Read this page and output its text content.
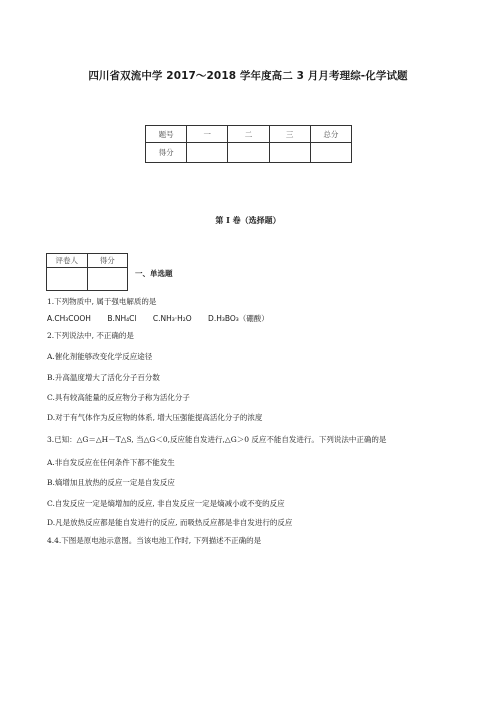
四川省双流中学 2017～2018 学年度高二 3 月月考理综-化学试题
题号	一	二	三	总分
得分				
第 I 卷（选择题）
评卷人	得分

一、单选题
1.下列物质中, 属于强电解质的是
A.CH₃COOH B.NH₄Cl C.NH₃·H₂O D.H₃BO₃（硼酸）
2.下列说法中, 不正确的是
A.催化剂能够改变化学反应途径
B.升高温度增大了活化分子百分数
C.具有较高能量的反应物分子称为活化分子
D.对于有气体作为反应物的体系, 增大压强能提高活化分子的浓度
3.已知：△G＝△H－T△S, 当△G＜0,反应能自发进行,△G＞0 反应不能自发进行。下列说法中正确的是
A.非自发反应在任何条件下都不能发生
B.熵增加且放热的反应一定是自发反应
C.自发反应一定是熵增加的反应, 非自发反应一定是熵减小或不变的反应
D.凡是放热反应都是能自发进行的反应, 而吸热反应都是非自发进行的反应
4.4.下图是原电池示意图。当该电池工作时, 下列描述不正确的是
